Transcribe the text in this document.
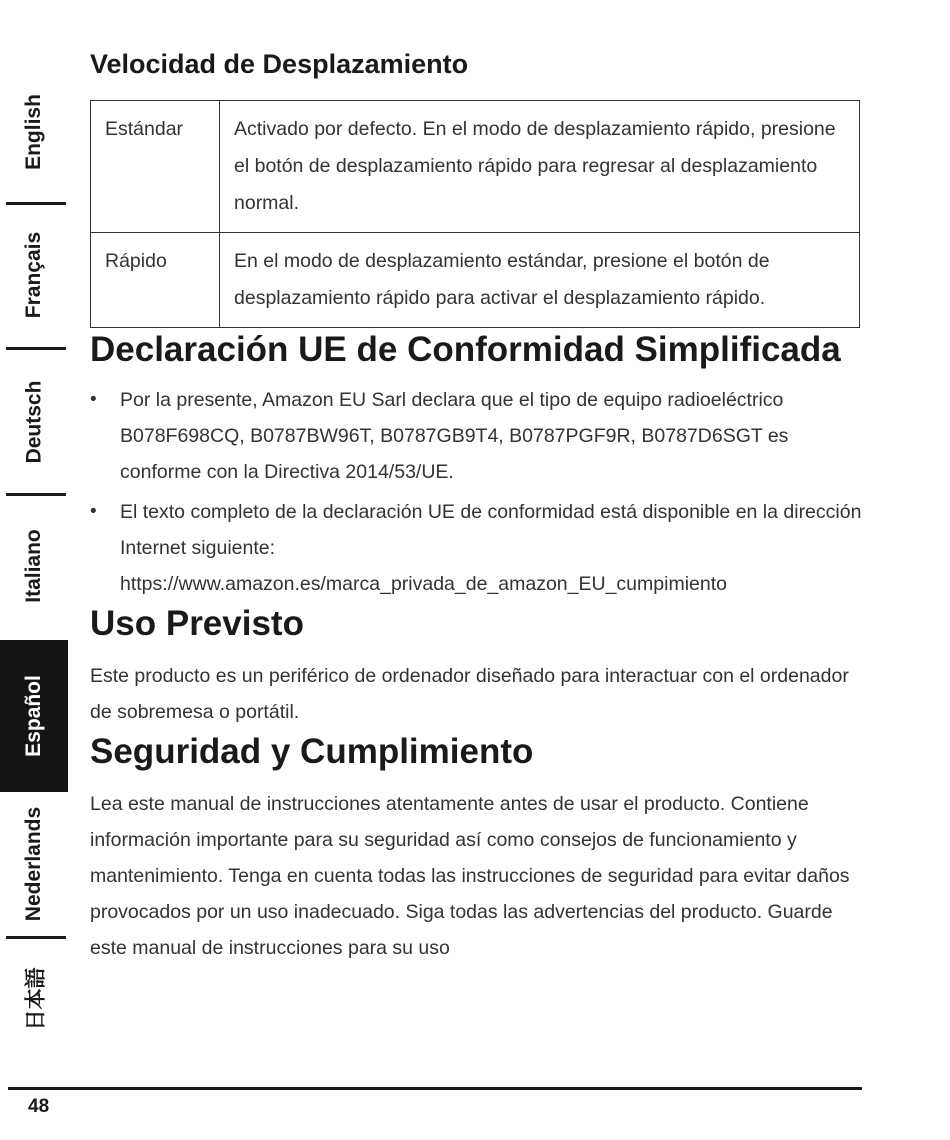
English
Français
Deutsch
Italiano
Español
Nederlands
日本語
Velocidad de Desplazamiento
Estándar	Activado por defecto. En el modo de desplazamiento rápido, presione el botón de desplazamiento rápido para regresar al desplazamiento normal.
Rápido	En el modo de desplazamiento estándar, presione el botón de desplazamiento rápido para activar el desplazamiento rápido.
Declaración UE de Conformidad Simplificada
• Por la presente, Amazon EU Sarl declara que el tipo de equipo radioeléctrico B078F698CQ, B0787BW96T, B0787GB9T4, B0787PGF9R, B0787D6SGT es conforme con la Directiva 2014/53/UE.
• El texto completo de la declaración UE de conformidad está disponible en la dirección Internet siguiente: https://www.amazon.es/marca_privada_de_amazon_EU_cumpimiento
Uso Previsto

Este producto es un periférico de ordenador diseñado para interactuar con el ordenador de sobremesa o portátil.

Seguridad y Cumplimiento

Lea este manual de instrucciones atentamente antes de usar el producto. Contiene información importante para su seguridad así como consejos de funcionamiento y mantenimiento. Tenga en cuenta todas las instrucciones de seguridad para evitar daños provocados por un uso inadecuado. Siga todas las advertencias del producto. Guarde este manual de instrucciones para su uso

48
